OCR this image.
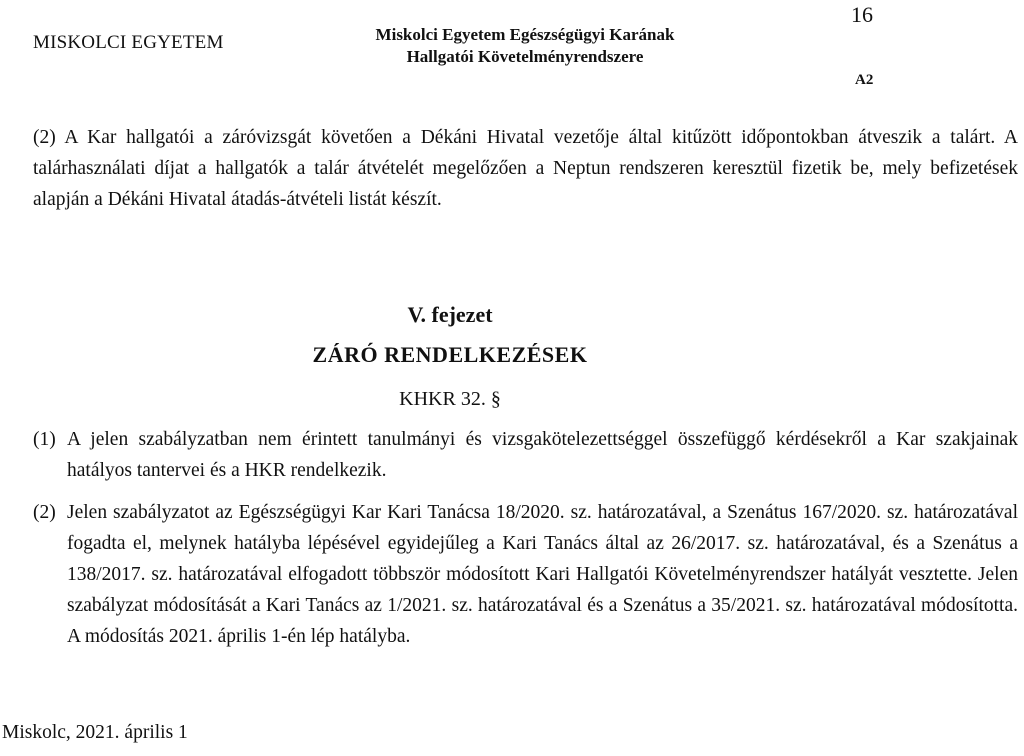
MISKOLCI EGYETEM	Miskolci Egyetem Egészségügyi Karának
Hallgatói Követelményrendszere
16
A2
(2) A Kar hallgatói a záróvizsgát követően a Dékáni Hivatal vezetője által kitűzött időpontokban átveszik a talárt. A talárhasználati díjat a hallgatók a talár átvételét megelőzően a Neptun rendszeren keresztül fizetik be, mely befizetések alapján a Dékáni Hivatal átadás-átvételi listát készít.
V. fejezet
ZÁRÓ RENDELKEZÉSEK
KHKR 32. §
(1) A jelen szabályzatban nem érintett tanulmányi és vizsgakötelezettséggel összefüggő kérdésekről a Kar szakjainak hatályos tantervei és a HKR rendelkezik.
(2) Jelen szabályzatot az Egészségügyi Kar Kari Tanácsa 18/2020. sz. határozatával, a Szenátus 167/2020. sz. határozatával fogadta el, melynek hatályba lépésével egyidejűleg a Kari Tanács által az 26/2017. sz. határozatával, és a Szenátus a 138/2017. sz. határozatával elfogadott többször módosított Kari Hallgatói Követelményrendszer hatályát vesztette. Jelen szabályzat módosítását a Kari Tanács az 1/2021. sz. határozatával és a Szenátus a 35/2021. sz. határozatával módosította. A módosítás 2021. április 1-én lép hatályba.
Miskolc, 2021. április 1
